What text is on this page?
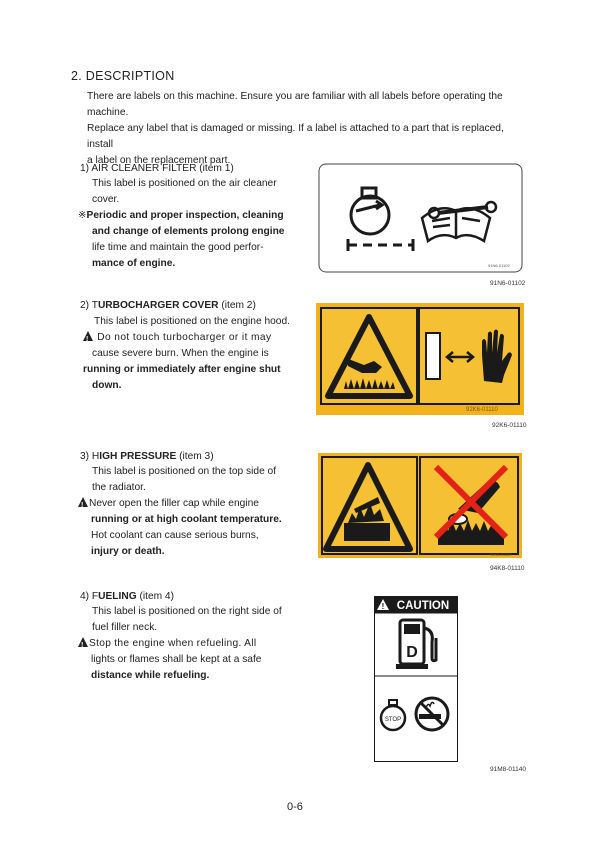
2. DESCRIPTION
There are labels on this machine. Ensure you are familiar with all labels before operating the
machine.
Replace any label that is damaged or missing. If a label is attached to a part that is replaced, install
a label on the replacement part.
1) AIR CLEANER FILTER (item 1)
This label is positioned on the air cleaner
cover.
※Periodic and proper inspection, cleaning
and change of elements prolong engine
life time and maintain the good perfor-
mance of engine.	91N6-01102
91N6-01102
2) TURBOCHARGER COVER (item 2)
This label is positioned on the engine hood.
! Do not touch turbocharger or it may
cause severe burn. When the engine is
running or immediately after engine shut
down.
92K6-01110
92K6-01110
3) HIGH PRESSURE (item 3)
This label is positioned on the top side of
the radiator.
!Never open the filler cap while engine
running or at high coolant temperature.
Hot coolant can cause serious burns,
injury or death.	94K8-01110
94K8-01110
4) FUELING (item 4)
This label is positioned on the right side of
fuel filler neck.
!Stop the engine when refueling. All
lights or flames shall be kept at a safe
distance while refueling.
! CAUTION
D
STOP
91M8-01140
0-6
